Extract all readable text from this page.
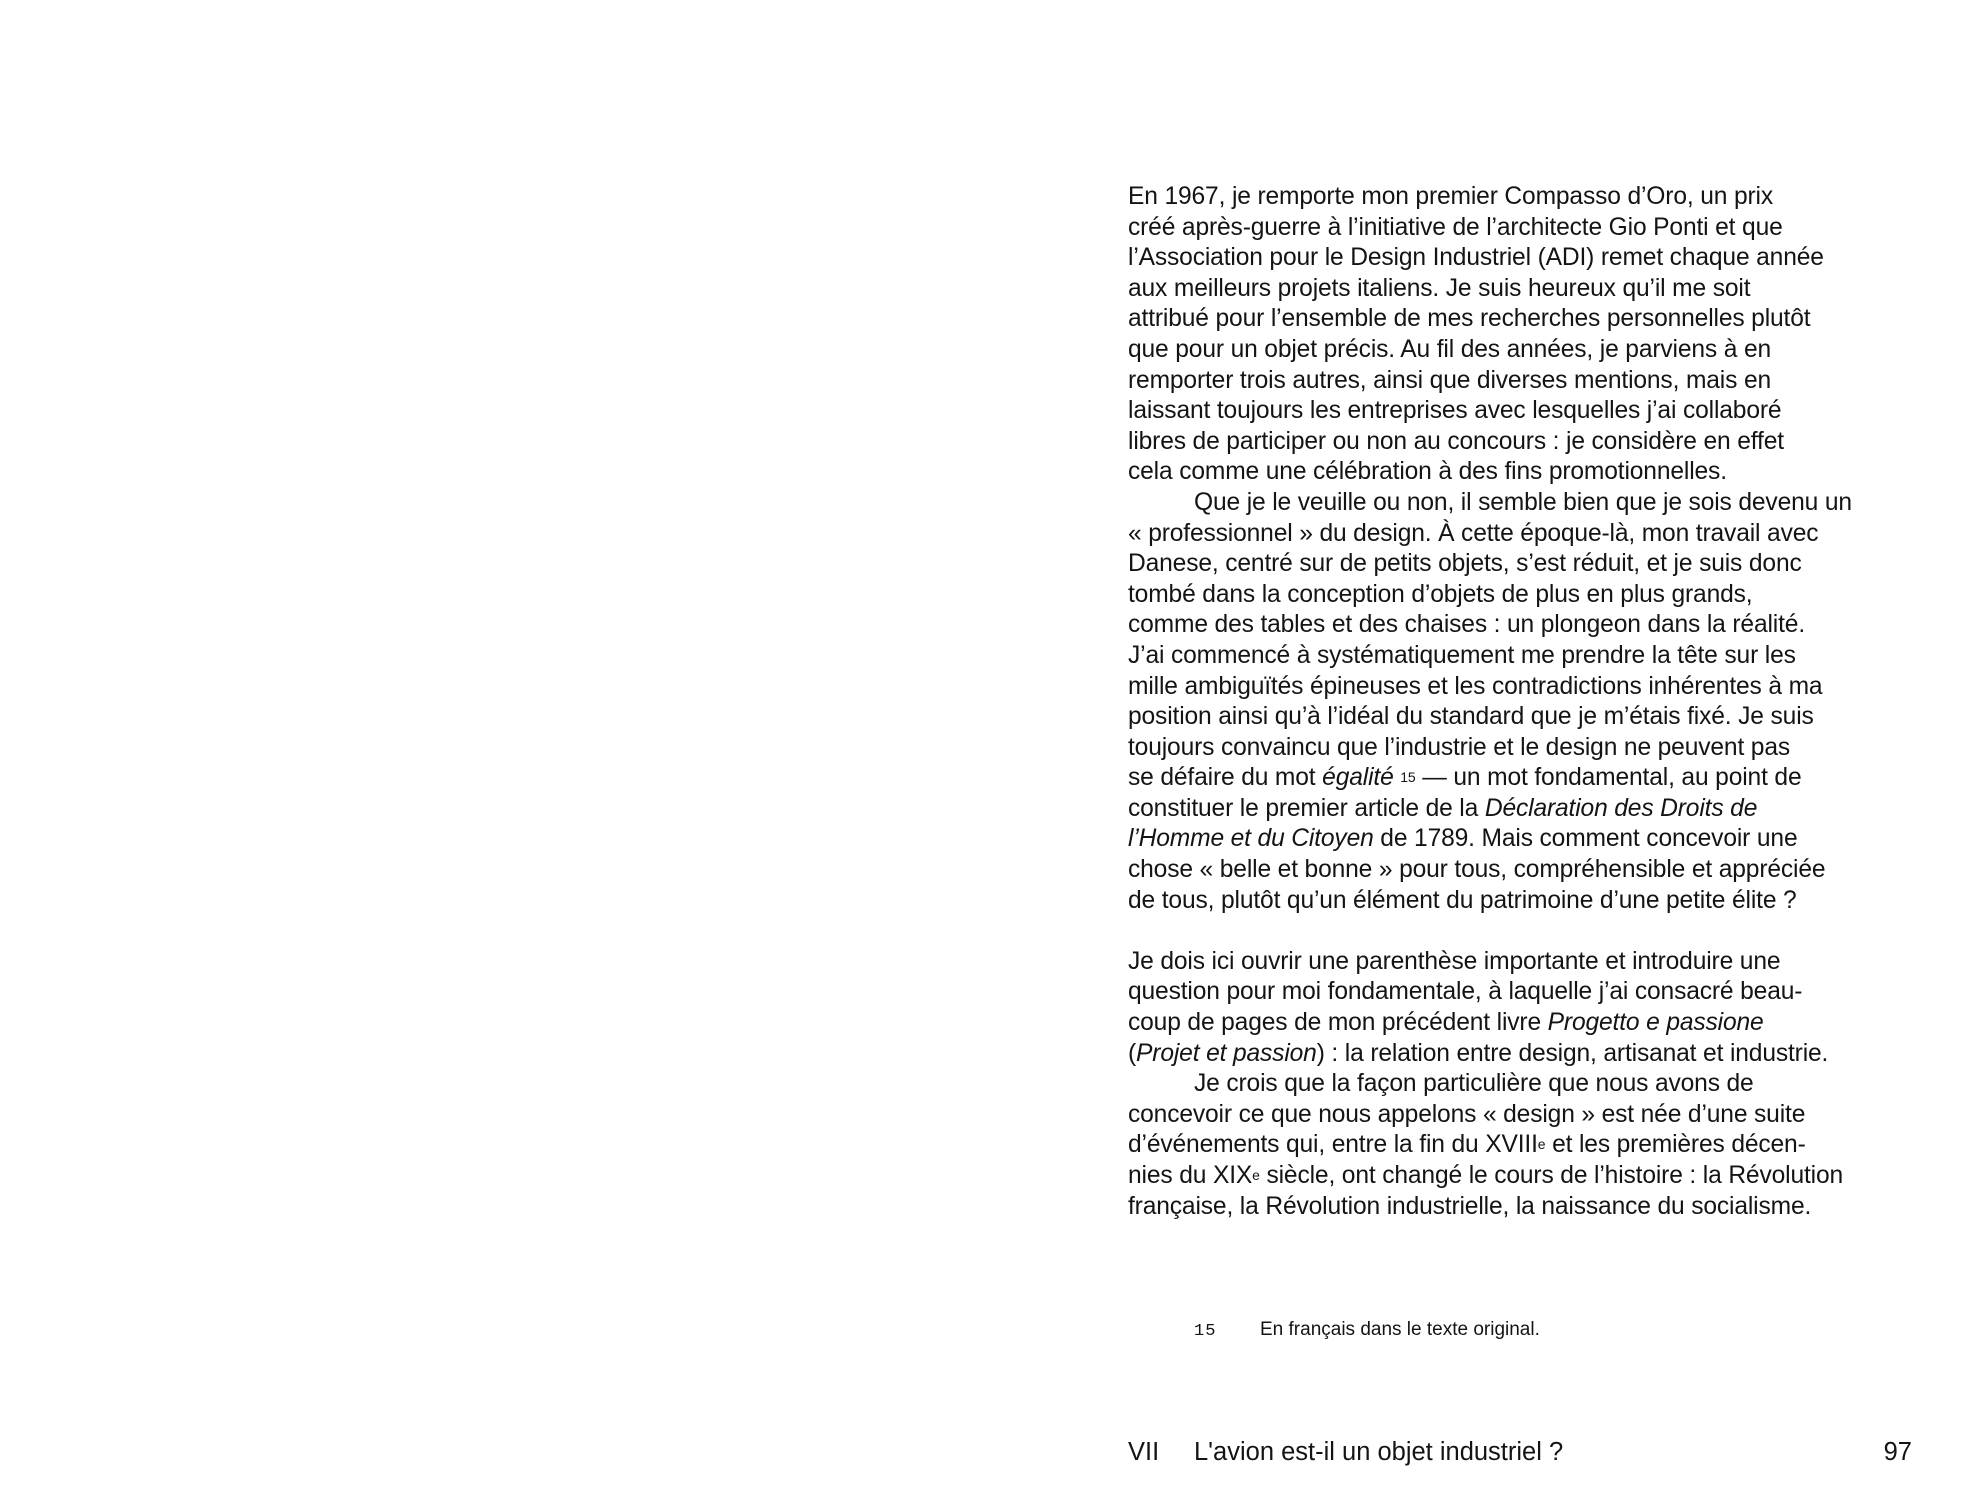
En 1967, je remporte mon premier Compasso d’Oro, un prix
créé après-guerre à l’initiative de l’architecte Gio Ponti et que
l’Association pour le Design Industriel (ADI) remet chaque année
aux meilleurs projets italiens. Je suis heureux qu’il me soit
attribué pour l’ensemble de mes recherches personnelles plutôt
que pour un objet précis. Au fil des années, je parviens à en
remporter trois autres, ainsi que diverses mentions, mais en
laissant toujours les entreprises avec lesquelles j’ai collaboré
libres de participer ou non au concours : je considère en effet
cela comme une célébration à des fins promotionnelles.
Que je le veuille ou non, il semble bien que je sois devenu un
« professionnel » du design. À cette époque-là, mon travail avec
Danese, centré sur de petits objets, s’est réduit, et je suis donc
tombé dans la conception d’objets de plus en plus grands,
comme des tables et des chaises : un plongeon dans la réalité.
J’ai commencé à systématiquement me prendre la tête sur les
mille ambiguïtés épineuses et les contradictions inhérentes à ma
position ainsi qu’à l’idéal du standard que je m’étais fixé. Je suis
toujours convaincu que l’industrie et le design ne peuvent pas
se défaire du mot égalité $^{15}$ — un mot fondamental, au point de
constituer le premier article de la Déclaration des Droits de
l’Homme et du Citoyen de 1789. Mais comment concevoir une
chose « belle et bonne » pour tous, compréhensible et appréciée
de tous, plutôt qu’un élément du patrimoine d’une petite élite ?
Je dois ici ouvrir une parenthèse importante et introduire une
question pour moi fondamentale, à laquelle j’ai consacré beau-
coup de pages de mon précédent livre Progetto e passione
(Projet et passion) : la relation entre design, artisanat et industrie.
Je crois que la façon particulière que nous avons de
concevoir ce que nous appelons « design » est née d’une suite
d’événements qui, entre la fin du XVIIIe et les premières décen-
nies du XIXe siècle, ont changé le cours de l’histoire : la Révolution
française, la Révolution industrielle, la naissance du socialisme.
15 En français dans le texte original.
VII L'avion est-il un objet industriel ?	97
